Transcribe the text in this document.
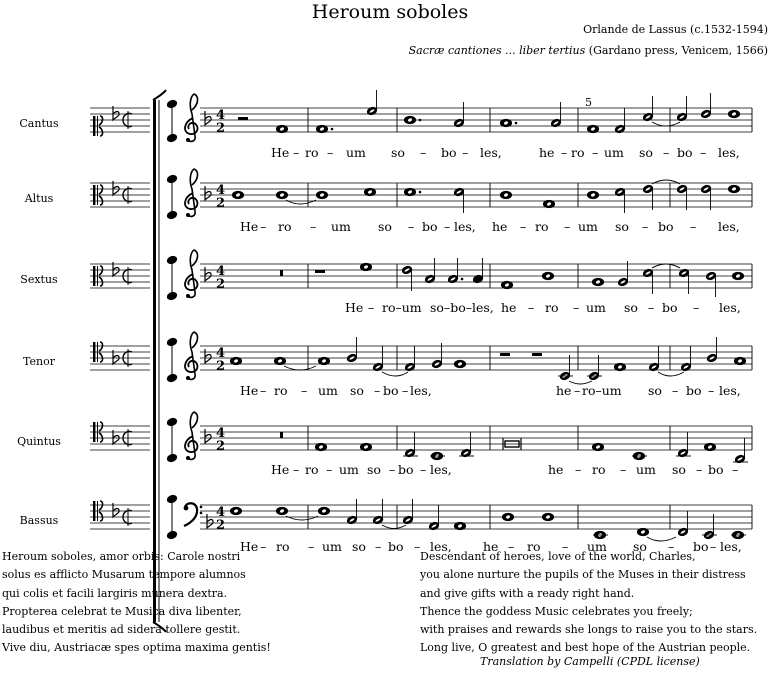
Heroum soboles
Orlande de Lassus (c.1532-1594)
Sacræ cantiones ... liber tertius (Gardano press, Venicem, 1566)
Cantus
Altus
Sextus
Tenor
Quintus
Bassus
4
2
4
2
4
2
4
2
4
2
4
2
5
He – ro – um so – bo – les,	he – ro – um so – bo – les,
He – ro – um so – bo – les, he – ro – um so – bo – les,
He – ro–um so–bo–les, he – ro – um so – bo – les,
He – ro – um so – bo – les,	he – ro–um so – bo – les,
He – ro – um so – bo – les,	he – ro – um so – bo –
He – ro – um so – bo – les, he – ro – um so – bo – les,
Heroum soboles, amor orbis: Carole nostri
solus es afflicto Musarum tempore alumnos
qui colis et facili largiris munera dextra.
Propterea celebrat te Musica diva libenter,
laudibus et meritis ad sidera tollere gestit.
Vive diu, Austriacæ spes optima maxima gentis!
Descendant of heroes, love of the world, Charles,
you alone nurture the pupils of the Muses in their distress
and give gifts with a ready right hand.
Thence the goddess Music celebrates you freely;
with praises and rewards she longs to raise you to the stars.
Long live, O greatest and best hope of the Austrian people.
Translation by Campelli (CPDL license)
